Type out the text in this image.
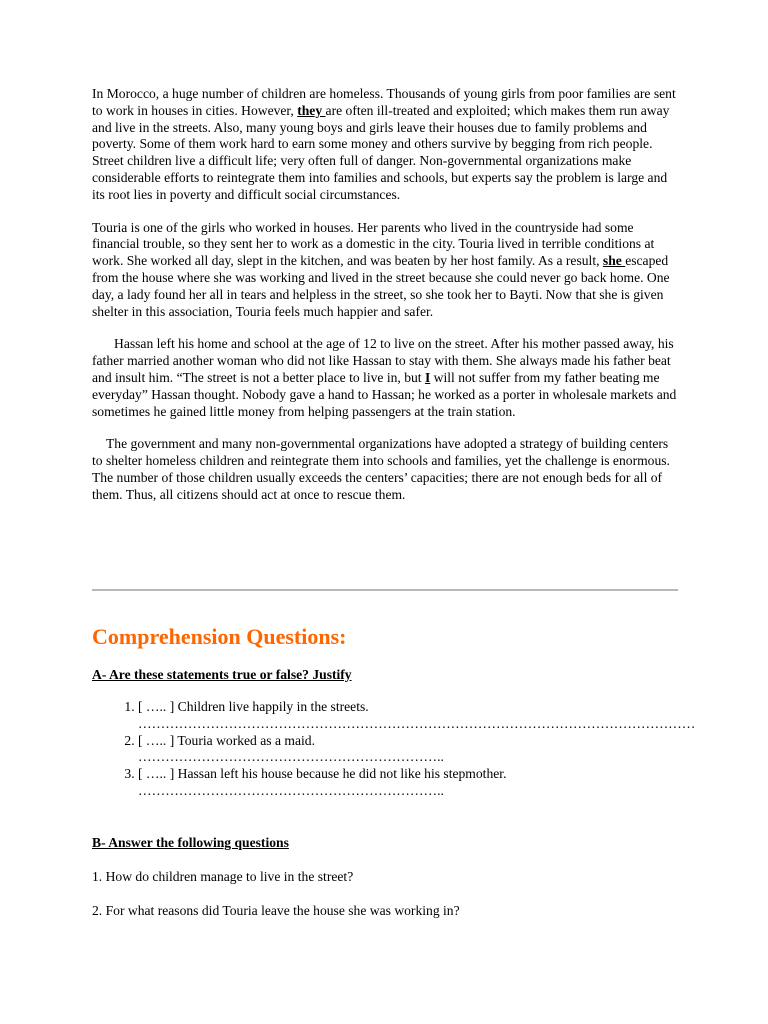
In Morocco, a huge number of children are homeless. Thousands of young girls from poor families are sent to work in houses in cities. However, they are often ill-treated and exploited; which makes them run away and live in the streets. Also, many young boys and girls leave their houses due to family problems and poverty. Some of them work hard to earn some money and others survive by begging from rich people. Street children live a difficult life; very often full of danger. Non-governmental organizations make considerable efforts to reintegrate them into families and schools, but experts say the problem is large and its root lies in poverty and difficult social circumstances.

Touria is one of the girls who worked in houses. Her parents who lived in the countryside had some financial trouble, so they sent her to work as a domestic in the city. Touria lived in terrible conditions at work. She worked all day, slept in the kitchen, and was beaten by her host family. As a result, she escaped from the house where she was working and lived in the street because she could never go back home. One day, a lady found her all in tears and helpless in the street, so she took her to Bayti. Now that she is given shelter in this association, Touria feels much happier and safer.

Hassan left his home and school at the age of 12 to live on the street. After his mother passed away, his father married another woman who did not like Hassan to stay with them. She always made his father beat and insult him. “The street is not a better place to live in, but I will not suffer from my father beating me everyday” Hassan thought. Nobody gave a hand to Hassan; he worked as a porter in wholesale markets and sometimes he gained little money from helping passengers at the train station.

The government and many non-governmental organizations have adopted a strategy of building centers to shelter homeless children and reintegrate them into schools and families, yet the challenge is enormous. The number of those children usually exceeds the centers’ capacities; there are not enough beds for all of them. Thus, all citizens should act at once to rescue them.

Comprehension Questions:

A- Are these statements true or false? Justify

1. [ ….. ] Children live happily in the streets.
……………………………………………………………………………………………………………
2. [ ….. ] Touria worked as a maid.
…………………………………………………………..
3. [ ….. ] Hassan left his house because he did not like his stepmother.
…………………………………………………………..

B- Answer the following questions

1. How do children manage to live in the street?

2. For what reasons did Touria leave the house she was working in?
